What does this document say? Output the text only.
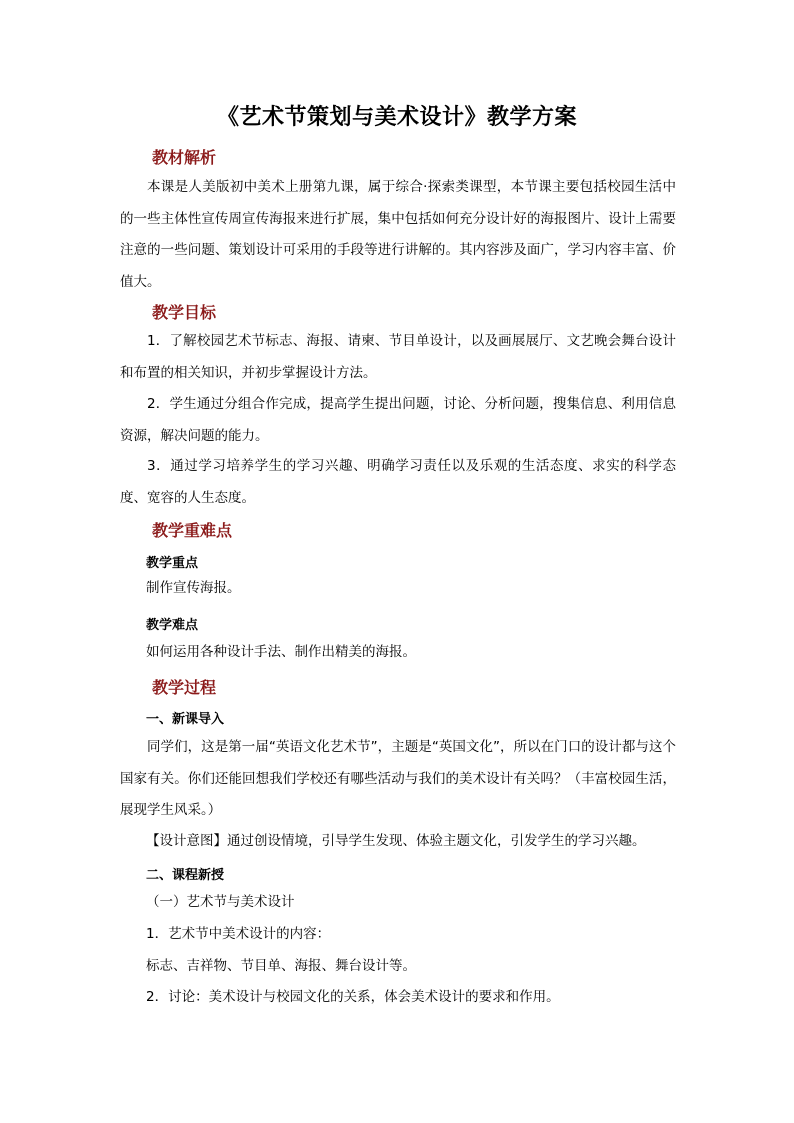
《艺术节策划与美术设计》教学方案
教材解析
本课是人美版初中美术上册第九课，属于综合·探索类课型，本节课主要包括校园生活中的一些主体性宣传周宣传海报来进行扩展，集中包括如何充分设计好的海报图片、设计上需要注意的一些问题、策划设计可采用的手段等进行讲解的。其内容涉及面广，学习内容丰富、价值大。
教学目标
1．了解校园艺术节标志、海报、请柬、节目单设计，以及画展展厅、文艺晚会舞台设计和布置的相关知识，并初步掌握设计方法。
2．学生通过分组合作完成，提高学生提出问题，讨论、分析问题，搜集信息、利用信息资源，解决问题的能力。
3．通过学习培养学生的学习兴趣、明确学习责任以及乐观的生活态度、求实的科学态度、宽容的人生态度。
教学重难点
教学重点
制作宣传海报。
教学难点
如何运用各种设计手法、制作出精美的海报。
教学过程
一、新课导入
同学们，这是第一届“英语文化艺术节”，主题是“英国文化”，所以在门口的设计都与这个国家有关。你们还能回想我们学校还有哪些活动与我们的美术设计有关吗？（丰富校园生活，展现学生风采。）
【设计意图】通过创设情境，引导学生发现、体验主题文化，引发学生的学习兴趣。
二、课程新授
（一）艺术节与美术设计
1．艺术节中美术设计的内容：
标志、吉祥物、节目单、海报、舞台设计等。
2．讨论：美术设计与校园文化的关系，体会美术设计的要求和作用。
